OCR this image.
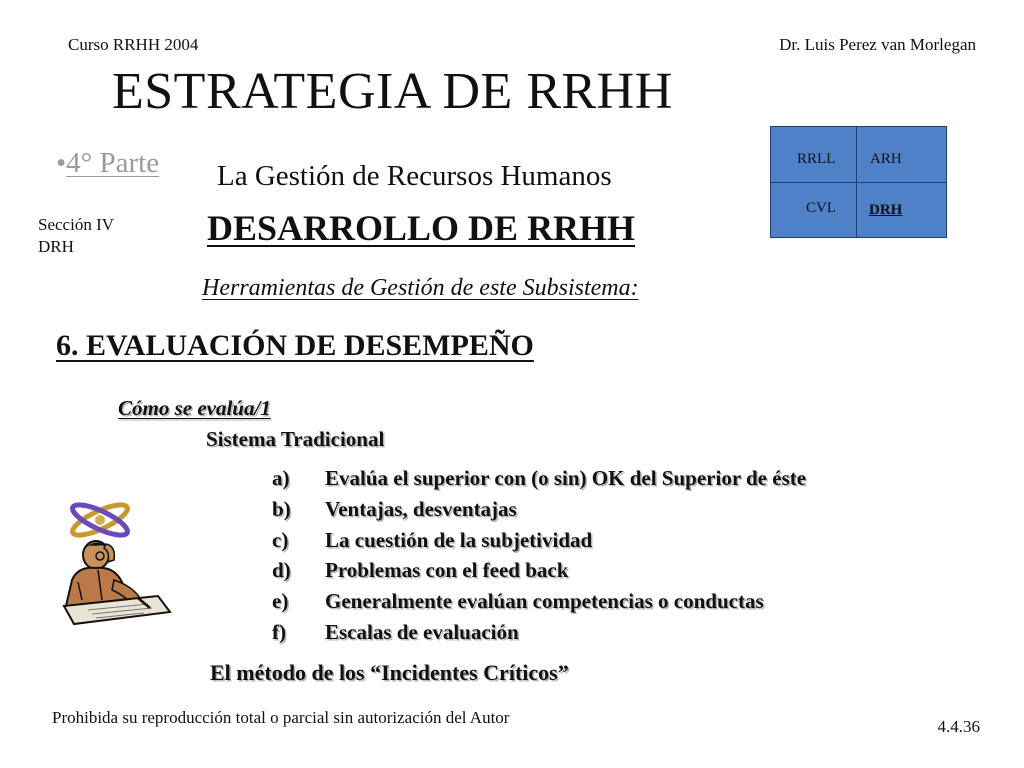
Curso RRHH 2004	Dr. Luis Perez van Morlegan
ESTRATEGIA DE RRHH
•4° Parte La Gestión de Recursos Humanos
Sección IV
DRH	DESARROLLO DE RRHH
Herramientas de Gestión de este Subsistema:
6. EVALUACIÓN DE DESEMPEÑO
Cómo se evalúa/1
Sistema Tradicional
a) Evalúa el superior con (o sin) OK del Superior de éste
b) Ventajas, desventajas
c) La cuestión de la subjetividad
d) Problemas con el feed back
e) Generalmente evalúan competencias o conductas
f) Escalas de evaluación
El método de los “Incidentes Críticos”
RRLL ARH
CVL DRH
Prohibida su reproducción total o parcial sin autorización del Autor	4.4.36
